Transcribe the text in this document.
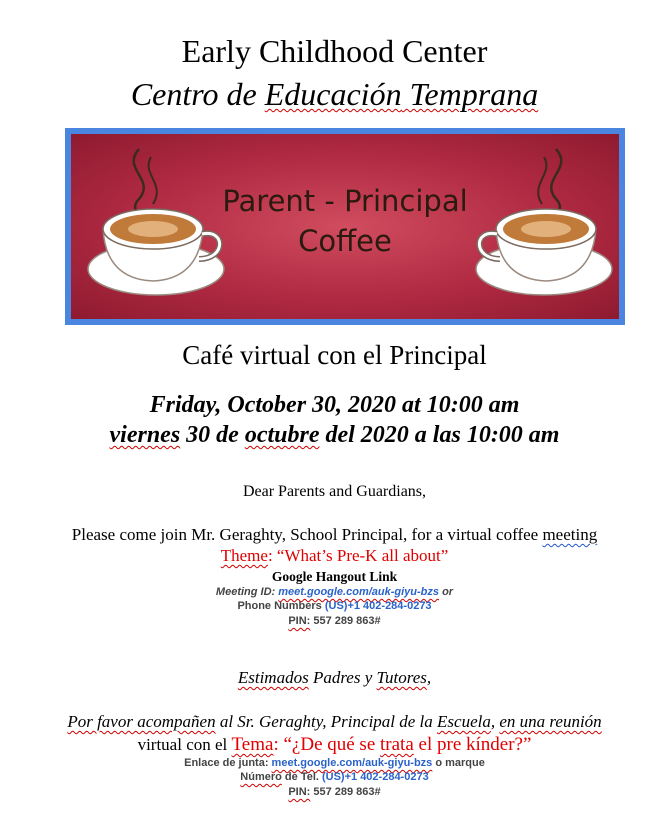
Early Childhood Center
Centro de Educación Temprana
Parent - Principal
Coffee
Café virtual con el Principal
Friday, October 30, 2020 at 10:00 am
viernes 30 de octubre del 2020 a las 10:00 am
Dear Parents and Guardians,
Please come join Mr. Geraghty, School Principal, for a virtual coffee meeting
Theme: “What’s Pre-K all about”
Google Hangout Link
Meeting ID: meet.google.com/auk-giyu-bzs or
Phone Numbers (US)+1 402-284-0273
PIN: 557 289 863#
Estimados Padres y Tutores,
Por favor acompañen al Sr. Geraghty, Principal de la Escuela, en una reunión
virtual con el Tema: “¿De qué se trata el pre kínder?”
Enlace de junta: meet.google.com/auk-giyu-bzs o marque
Número de Tel. (US)+1 402-284-0273
PIN: 557 289 863#
